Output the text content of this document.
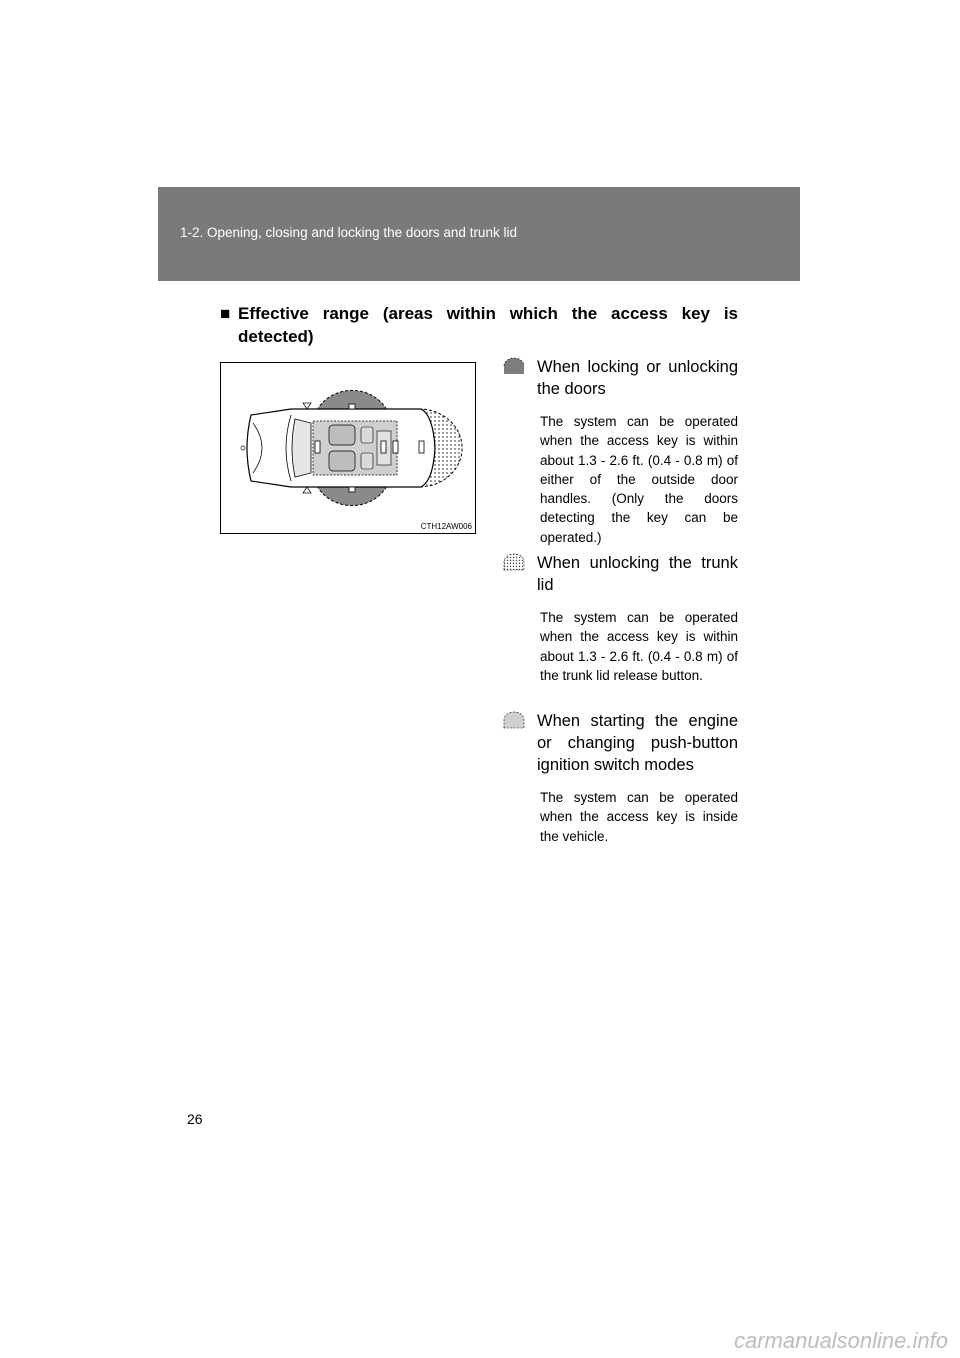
1-2. Opening, closing and locking the doors and trunk lid
■ Effective range (areas within which the access key is detected)
CTH12AW006
When locking or unlocking the doors
The system can be operated when the access key is within about 1.3 - 2.6 ft. (0.4 - 0.8 m) of either of the outside door handles. (Only the doors detecting the key can be operated.)
When unlocking the trunk lid
The system can be operated when the access key is within about 1.3 - 2.6 ft. (0.4 - 0.8 m) of the trunk lid release button.
When starting the engine or changing push-button ignition switch modes
The system can be operated when the access key is inside the vehicle.
26
carmanualsonline.info
